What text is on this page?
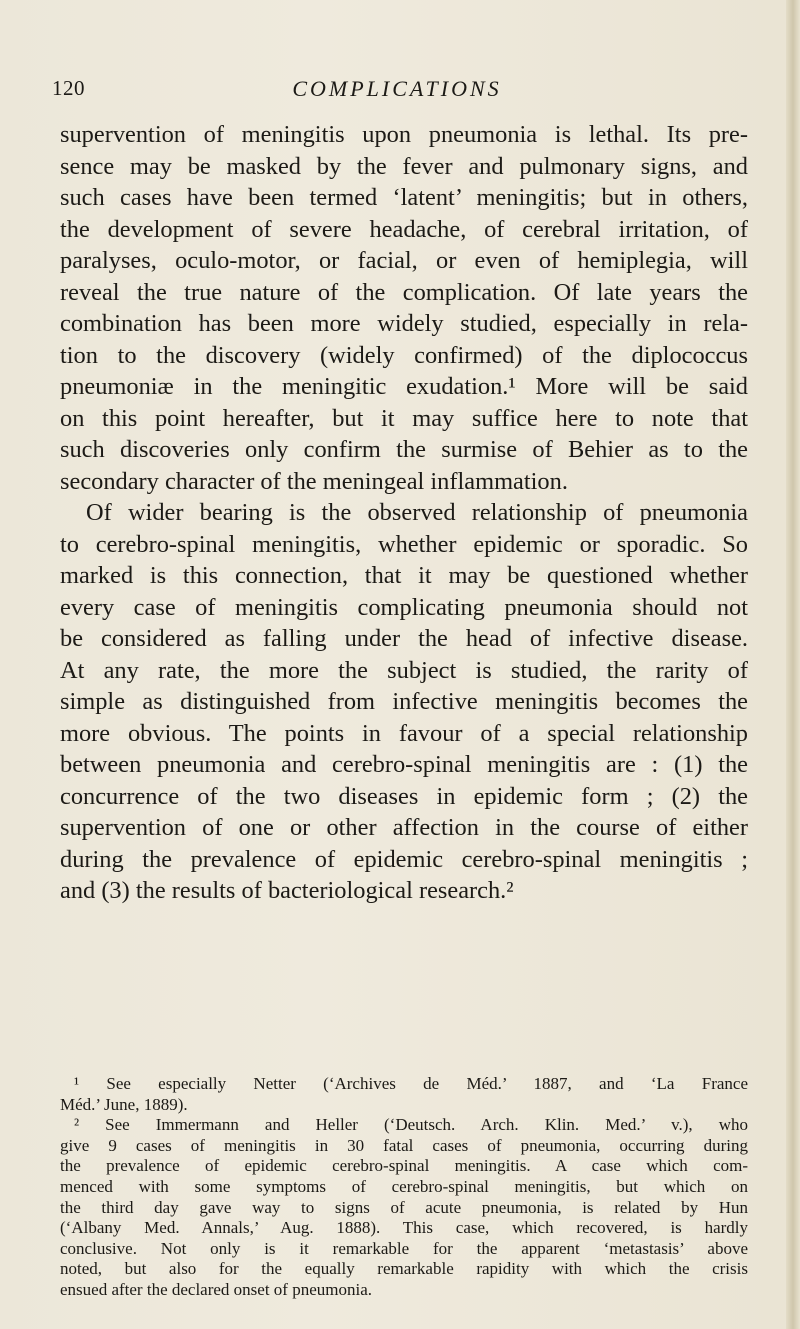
120	COMPLICATIONS
supervention of meningitis upon pneumonia is lethal. Its pre-
sence may be masked by the fever and pulmonary signs, and
such cases have been termed ‘latent’ meningitis; but in others,
the development of severe headache, of cerebral irritation, of
paralyses, oculo-motor, or facial, or even of hemiplegia, will
reveal the true nature of the complication. Of late years the
combination has been more widely studied, especially in rela-
tion to the discovery (widely confirmed) of the diplococcus
pneumoniæ in the meningitic exudation.¹ More will be said
on this point hereafter, but it may suffice here to note that
such discoveries only confirm the surmise of Behier as to the
secondary character of the meningeal inflammation.
Of wider bearing is the observed relationship of pneumonia
to cerebro-spinal meningitis, whether epidemic or sporadic. So
marked is this connection, that it may be questioned whether
every case of meningitis complicating pneumonia should not
be considered as falling under the head of infective disease.
At any rate, the more the subject is studied, the rarity of
simple as distinguished from infective meningitis becomes the
more obvious. The points in favour of a special relationship
between pneumonia and cerebro-spinal meningitis are : (1) the
concurrence of the two diseases in epidemic form ; (2) the
supervention of one or other affection in the course of either
during the prevalence of epidemic cerebro-spinal meningitis ;
and (3) the results of bacteriological research.²
¹ See especially Netter (‘Archives de Méd.’ 1887, and ‘La France
Méd.’ June, 1889).
² See Immermann and Heller (‘Deutsch. Arch. Klin. Med.’ v.), who
give 9 cases of meningitis in 30 fatal cases of pneumonia, occurring during
the prevalence of epidemic cerebro-spinal meningitis. A case which com-
menced with some symptoms of cerebro-spinal meningitis, but which on
the third day gave way to signs of acute pneumonia, is related by Hun
(‘Albany Med. Annals,’ Aug. 1888). This case, which recovered, is hardly
conclusive. Not only is it remarkable for the apparent ‘metastasis’ above
noted, but also for the equally remarkable rapidity with which the crisis
ensued after the declared onset of pneumonia.
